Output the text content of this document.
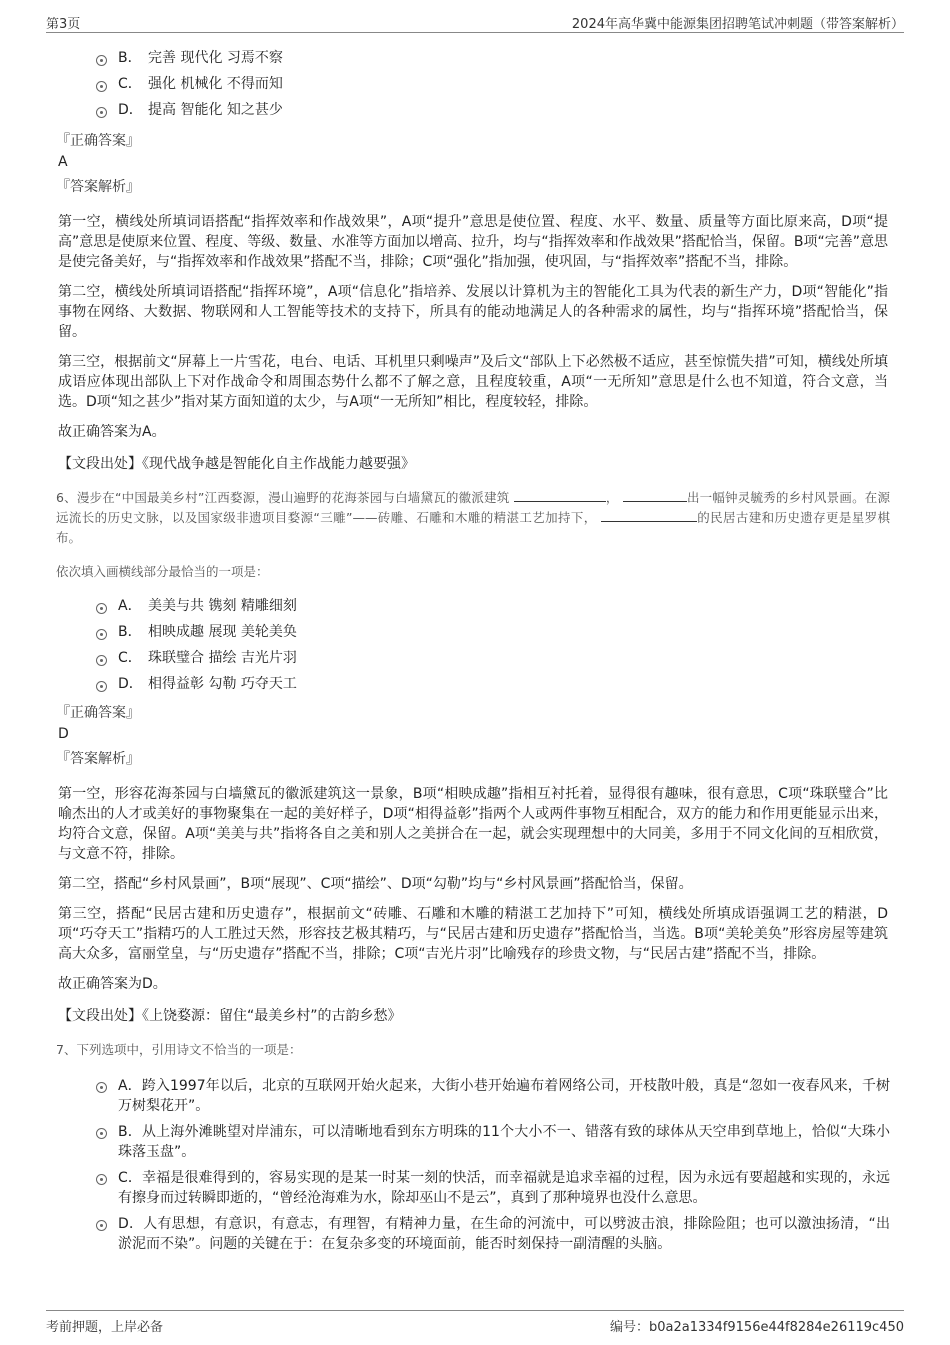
第3页	2024年高华冀中能源集团招聘笔试冲刺题（带答案解析）
B． 完善 现代化 习焉不察
C． 强化 机械化 不得而知
D． 提高 智能化 知之甚少

『正确答案』

A

『答案解析』

第一空，横线处所填词语搭配“指挥效率和作战效果”，A项“提升”意思是使位置、程度、水平、数量、质量等方面比原来高，D项“提高”意思是使原来位置、程度、等级、数量、水准等方面加以增高、拉升，均与“指挥效率和作战效果”搭配恰当，保留。B项“完善”意思是使完备美好，与“指挥效率和作战效果”搭配不当，排除；C项“强化”指加强，使巩固，与“指挥效率”搭配不当，排除。

第二空，横线处所填词语搭配“指挥环境”，A项“信息化”指培养、发展以计算机为主的智能化工具为代表的新生产力，D项“智能化”指事物在网络、大数据、物联网和人工智能等技术的支持下，所具有的能动地满足人的各种需求的属性，均与“指挥环境”搭配恰当，保留。

第三空，根据前文“屏幕上一片雪花，电台、电话、耳机里只剩噪声”及后文“部队上下必然极不适应，甚至惊慌失措”可知，横线处所填成语应体现出部队上下对作战命令和周围态势什么都不了解之意，且程度较重，A项“一无所知”意思是什么也不知道，符合文意，当选。D项“知之甚少”指对某方面知道的太少，与A项“一无所知”相比，程度较轻，排除。

故正确答案为A。

【文段出处】《现代战争越是智能化自主作战能力越要强》

6、漫步在“中国最美乡村”江西婺源，漫山遍野的花海茶园与白墙黛瓦的徽派建筑	，	出一幅钟灵毓秀的乡村风景画。在源远流长的历史文脉，以及国家级非遗项目婺源“三雕”——砖雕、石雕和木雕的精湛工艺加持下，	的民居古建和历史遗存更是星罗棋布。

依次填入画横线部分最恰当的一项是：

A． 美美与共 镌刻 精雕细刻
B． 相映成趣 展现 美轮美奂
C． 珠联璧合 描绘 吉光片羽
D． 相得益彰 勾勒 巧夺天工

『正确答案』

D

『答案解析』

第一空，形容花海茶园与白墙黛瓦的徽派建筑这一景象，B项“相映成趣”指相互衬托着，显得很有趣味，很有意思，C项“珠联璧合”比喻杰出的人才或美好的事物聚集在一起的美好样子，D项“相得益彰”指两个人或两件事物互相配合，双方的能力和作用更能显示出来，均符合文意，保留。A项“美美与共”指将各自之美和别人之美拼合在一起，就会实现理想中的大同美，多用于不同文化间的互相欣赏，与文意不符，排除。

第二空，搭配“乡村风景画”，B项“展现”、C项“描绘”、D项“勾勒”均与“乡村风景画”搭配恰当，保留。

第三空，搭配“民居古建和历史遗存”，根据前文“砖雕、石雕和木雕的精湛工艺加持下”可知，横线处所填成语强调工艺的精湛，D项“巧夺天工”指精巧的人工胜过天然，形容技艺极其精巧，与“民居古建和历史遗存”搭配恰当，当选。B项“美轮美奂”形容房屋等建筑高大众多，富丽堂皇，与“历史遗存”搭配不当，排除；C项“吉光片羽”比喻残存的珍贵文物，与“民居古建”搭配不当，排除。

故正确答案为D。

【文段出处】《上饶婺源：留住“最美乡村”的古韵乡愁》

7、下列选项中，引用诗文不恰当的一项是：

A．跨入1997年以后，北京的互联网开始火起来，大街小巷开始遍布着网络公司，开枝散叶般，真是“忽如一夜春风来，千树万树梨花开”。
B．从上海外滩眺望对岸浦东，可以清晰地看到东方明珠的11个大小不一、错落有致的球体从天空串到草地上，恰似“大珠小珠落玉盘”。
C．幸福是很难得到的，容易实现的是某一时某一刻的快活，而幸福就是追求幸福的过程，因为永远有要超越和实现的，永远有擦身而过转瞬即逝的，“曾经沧海难为水，除却巫山不是云”，真到了那种境界也没什么意思。
D．人有思想，有意识，有意志，有理智，有精神力量，在生命的河流中，可以劈波击浪，排除险阻；也可以激浊扬清，“出淤泥而不染”。问题的关键在于：在复杂多变的环境面前，能否时刻保持一副清醒的头脑。
考前押题，上岸必备	编号：b0a2a1334f9156e44f8284e26119c450
